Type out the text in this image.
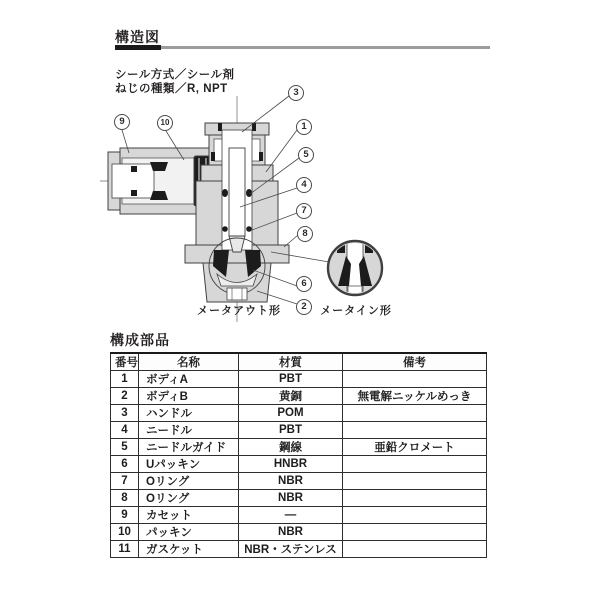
構造図
シール方式／シール剤
ねじの種類／R, NPT
1
2
3
4
5
6
7
8
9	10
メータアウト形	メータイン形
構成部品
番号	名称	材質	備考
1	ボディA	PBT	
2	ボディB	黄銅	無電解ニッケルめっき
3	ハンドル	POM	
4	ニードル	PBT	
5	ニードルガイド	鋼線	亜鉛クロメート
6	Uパッキン	HNBR	
7	Oリング	NBR	
8	Oリング	NBR	
9	カセット	—	
10	パッキン	NBR	
11	ガスケット	NBR・ステンレス	
